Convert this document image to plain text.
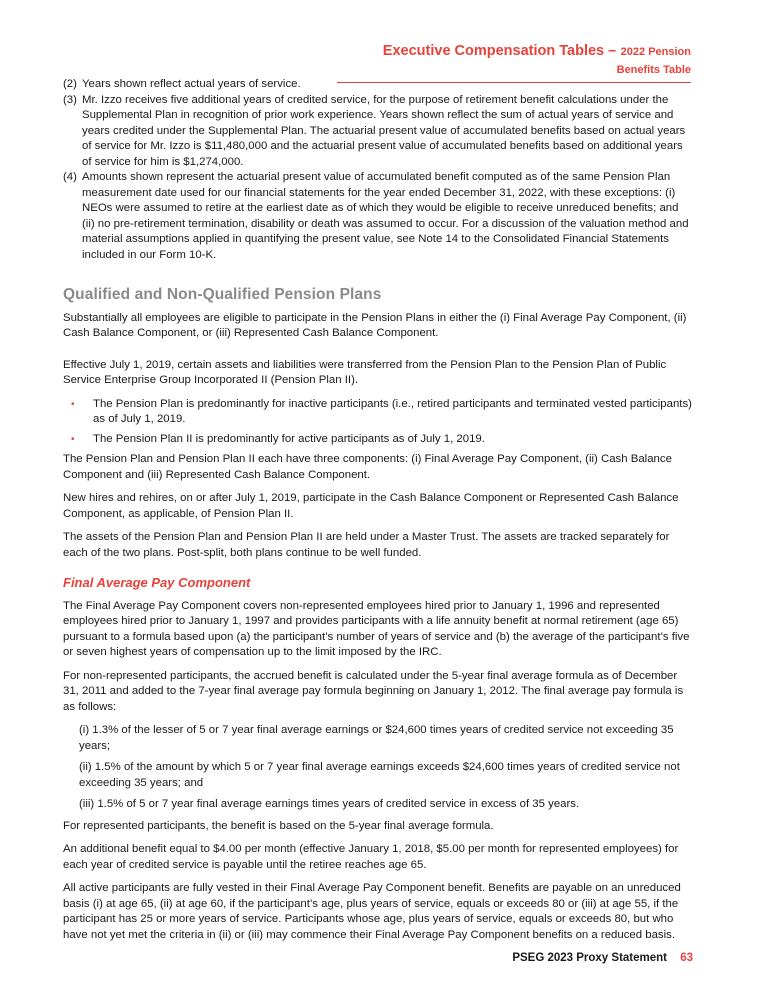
Executive Compensation Tables – 2022 Pension Benefits Table
(2) Years shown reflect actual years of service.
(3) Mr. Izzo receives five additional years of credited service, for the purpose of retirement benefit calculations under the Supplemental Plan in recognition of prior work experience. Years shown reflect the sum of actual years of service and years credited under the Supplemental Plan. The actuarial present value of accumulated benefits based on actual years of service for Mr. Izzo is $11,480,000 and the actuarial present value of accumulated benefits based on additional years of service for him is $1,274,000.
(4) Amounts shown represent the actuarial present value of accumulated benefit computed as of the same Pension Plan measurement date used for our financial statements for the year ended December 31, 2022, with these exceptions: (i) NEOs were assumed to retire at the earliest date as of which they would be eligible to receive unreduced benefits; and (ii) no pre-retirement termination, disability or death was assumed to occur. For a discussion of the valuation method and material assumptions applied in quantifying the present value, see Note 14 to the Consolidated Financial Statements included in our Form 10-K.
Qualified and Non-Qualified Pension Plans

Substantially all employees are eligible to participate in the Pension Plans in either the (i) Final Average Pay Component, (ii) Cash Balance Component, or (iii) Represented Cash Balance Component.

Effective July 1, 2019, certain assets and liabilities were transferred from the Pension Plan to the Pension Plan of Public Service Enterprise Group Incorporated II (Pension Plan II).

•	The Pension Plan is predominantly for inactive participants (i.e., retired participants and terminated vested participants) as of July 1, 2019.
•	The Pension Plan II is predominantly for active participants as of July 1, 2019.

The Pension Plan and Pension Plan II each have three components: (i) Final Average Pay Component, (ii) Cash Balance Component and (iii) Represented Cash Balance Component.

New hires and rehires, on or after July 1, 2019, participate in the Cash Balance Component or Represented Cash Balance Component, as applicable, of Pension Plan II.

The assets of the Pension Plan and Pension Plan II are held under a Master Trust. The assets are tracked separately for each of the two plans. Post-split, both plans continue to be well funded.

Final Average Pay Component

The Final Average Pay Component covers non-represented employees hired prior to January 1, 1996 and represented employees hired prior to January 1, 1997 and provides participants with a life annuity benefit at normal retirement (age 65) pursuant to a formula based upon (a) the participant’s number of years of service and (b) the average of the participant’s five or seven highest years of compensation up to the limit imposed by the IRC.

For non-represented participants, the accrued benefit is calculated under the 5-year final average formula as of December 31, 2011 and added to the 7-year final average pay formula beginning on January 1, 2012. The final average pay formula is as follows:

(i) 1.3% of the lesser of 5 or 7 year final average earnings or $24,600 times years of credited service not exceeding 35 years;
(ii) 1.5% of the amount by which 5 or 7 year final average earnings exceeds $24,600 times years of credited service not exceeding 35 years; and
(iii) 1.5% of 5 or 7 year final average earnings times years of credited service in excess of 35 years.

For represented participants, the benefit is based on the 5-year final average formula.

An additional benefit equal to $4.00 per month (effective January 1, 2018, $5.00 per month for represented employees) for each year of credited service is payable until the retiree reaches age 65.

All active participants are fully vested in their Final Average Pay Component benefit. Benefits are payable on an unreduced basis (i) at age 65, (ii) at age 60, if the participant’s age, plus years of service, equals or exceeds 80 or (iii) at age 55, if the participant has 25 or more years of service. Participants whose age, plus years of service, equals or exceeds 80, but who have not yet met the criteria in (ii) or (iii) may commence their Final Average Pay Component benefits on a reduced basis.

PSEG 2023 Proxy Statement 63
